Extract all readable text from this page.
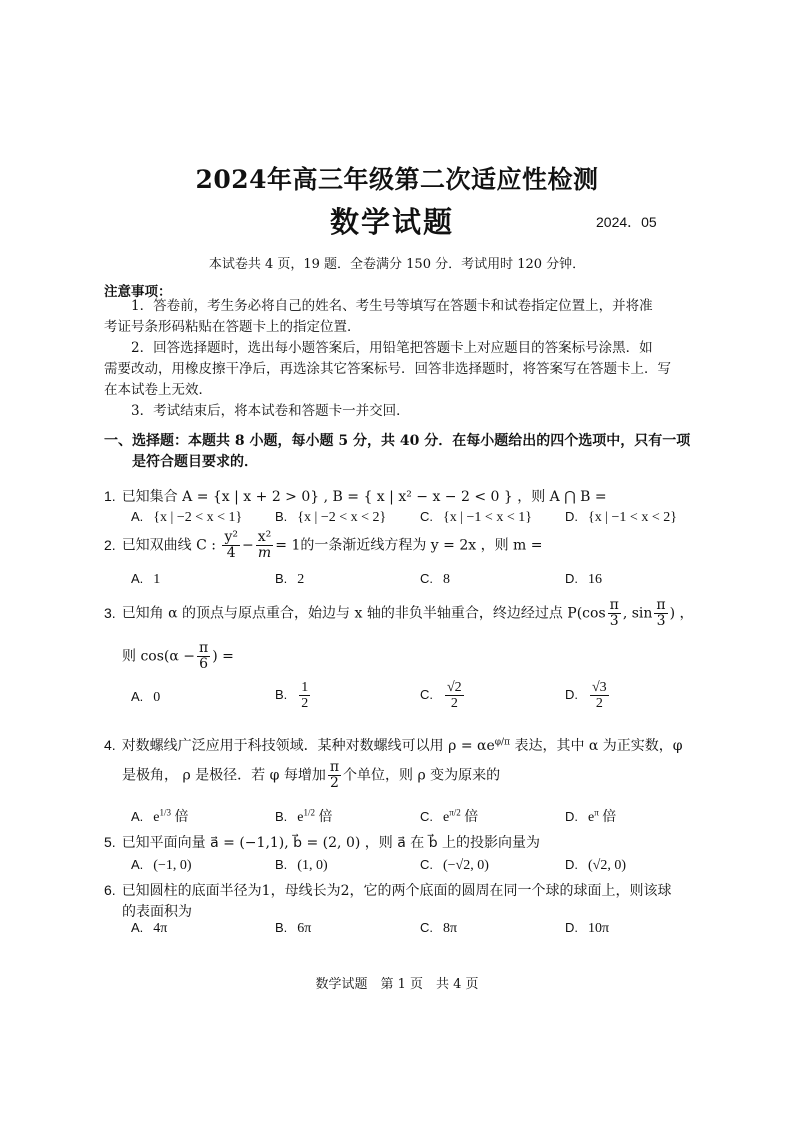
2024年高三年级第二次适应性检测
数学试题	2024．05
本试卷共 4 页，19 题．全卷满分 150 分．考试用时 120 分钟．
注意事项：
1．答卷前，考生务必将自己的姓名、考生号等填写在答题卡和试卷指定位置上，并将准
考证号条形码粘贴在答题卡上的指定位置．
2．回答选择题时，选出每小题答案后，用铅笔把答题卡上对应题目的答案标号涂黑．如
需要改动，用橡皮擦干净后，再选涂其它答案标号．回答非选择题时，将答案写在答题卡上．写
在本试卷上无效．
3．考试结束后，将本试卷和答题卡一并交回．
一、选择题：本题共 8 小题，每小题 5 分，共 40 分．在每小题给出的四个选项中，只有一项
是符合题目要求的．
1. 已知集合 A = {x | x + 2 > 0} , B = { x | x² − x − 2 < 0 } ，则 A ⋂ B =
A. {x | −2 < x < 1}	B. {x | −2 < x < 2}	C. {x | −1 < x < 1}	D. {x | −1 < x < 2}
2. 已知双曲线 C : $\frac{\text{y²}}{4} - \frac{\text{x²}}{m} = 1$的一条渐近线方程为 y = 2x ，则 m =
A. 1	B. 2	C. 8	D. 16
3. 已知角 α 的顶点与原点重合，始边与 x 轴的非负半轴重合，终边经过点 $P(\cos \frac{\pi}{3}$ , $\sin \frac{\pi}{3}$ ) ，
则 $\cos(\alpha - \frac{\pi}{6}$ ) =
A. 0	B. $\frac{1}{2}$	C. $\frac{√2}{2}$	D. $\frac{√3}{2}$
4. 对数螺线广泛应用于科技领域．某种对数螺线可以用 $\rho = \alpha e^{\varphi/\pi}$ 表达，其中 α 为正实数，φ
是极角， ρ 是极径．若 φ 每增加 $\frac{\pi}{2}$ 个单位，则 ρ 变为原来的
A. $e^{1/3}$ 倍	B. $e^{1/2}$ 倍	C. $e^{\pi/2}$ 倍	D. $e^\pi$ 倍
5. 已知平面向量 a⃗ = (−1,1), b⃗ = (2, 0) ，则 a⃗ 在 b⃗ 上的投影向量为
A. (−1, 0)	B. (1, 0)	C. (−√2, 0)	D. (√2, 0)
6. 已知圆柱的底面半径为1，母线长为2，它的两个底面的圆周在同一个球的球面上，则该球
的表面积为
A. 4π	B. 6π	C. 8π	D. 10π
数学试题　第 1 页　共 4 页
